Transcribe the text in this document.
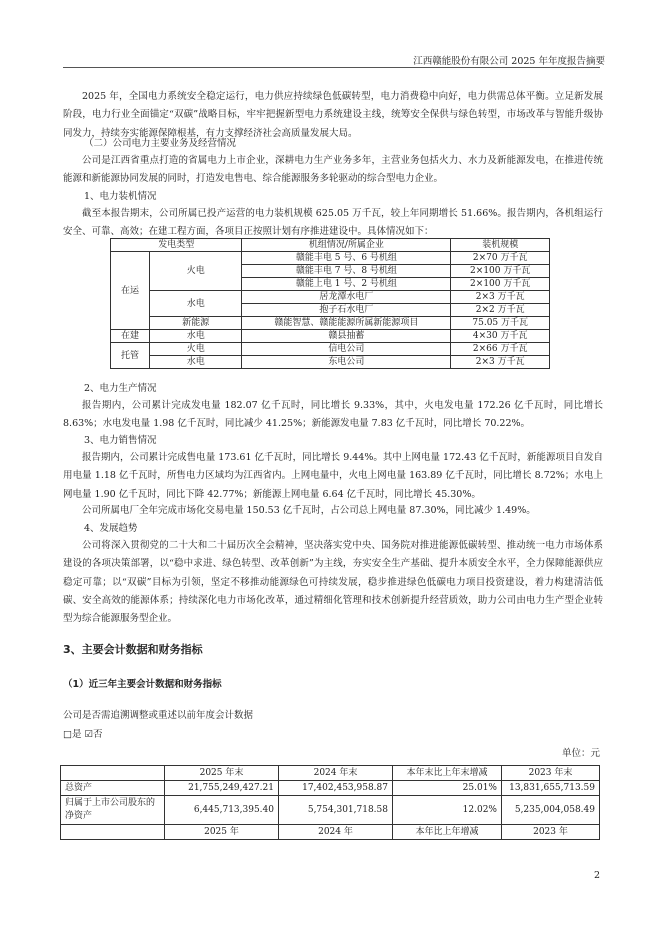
江西赣能股份有限公司 2025 年年度报告摘要
2025 年，全国电力系统安全稳定运行，电力供应持续绿色低碳转型，电力消费稳中向好，电力供需总体平衡。立足新发展阶段，电力行业全面锚定“双碳”战略目标，牢牢把握新型电力系统建设主线，统筹安全保供与绿色转型，市场改革与智能升级协同发力，持续夯实能源保障根基，有力支撑经济社会高质量发展大局。
（二）公司电力主要业务及经营情况
公司是江西省重点打造的省属电力上市企业，深耕电力生产业务多年，主营业务包括火力、水力及新能源发电，在推进传统能源和新能源协同发展的同时，打造发电售电、综合能源服务多轮驱动的综合型电力企业。
1、电力装机情况
截至本报告期末，公司所属已投产运营的电力装机规模 625.05 万千瓦，较上年同期增长 51.66%。报告期内，各机组运行安全、可靠、高效；在建工程方面，各项目正按照计划有序推进建设中。具体情况如下：
发电类型		机组情况/所属企业	装机规模
在运	火电	赣能丰电 5 号、6 号机组	2×70 万千瓦
		赣能丰电 7 号、8 号机组	2×100 万千瓦
		赣能上电 1 号、2 号机组	2×100 万千瓦
	水电	居龙潭水电厂	2×3 万千瓦
		抱子石水电厂	2×2 万千瓦
	新能源	赣能智慧、赣能能源所属新能源项目	75.05 万千瓦
在建	水电	赣县抽蓄	4×30 万千瓦
托管	火电	信电公司	2×66 万千瓦
	水电	东电公司	2×3 万千瓦
2、电力生产情况
报告期内，公司累计完成发电量 182.07 亿千瓦时，同比增长 9.33%，其中，火电发电量 172.26 亿千瓦时，同比增长 8.63%；水电发电量 1.98 亿千瓦时，同比减少 41.25%；新能源发电量 7.83 亿千瓦时，同比增长 70.22%。
3、电力销售情况
报告期内，公司累计完成售电量 173.61 亿千瓦时，同比增长 9.44%。其中上网电量 172.43 亿千瓦时，新能源项目自发自用电量 1.18 亿千瓦时，所售电力区域均为江西省内。上网电量中，火电上网电量 163.89 亿千瓦时，同比增长 8.72%；水电上网电量 1.90 亿千瓦时，同比下降 42.77%；新能源上网电量 6.64 亿千瓦时，同比增长 45.30%。
公司所属电厂全年完成市场化交易电量 150.53 亿千瓦时，占公司总上网电量 87.30%，同比减少 1.49%。
4、发展趋势
公司将深入贯彻党的二十大和二十届历次全会精神，坚决落实党中央、国务院对推进能源低碳转型、推动统一电力市场体系建设的各项决策部署，以“稳中求进、绿色转型、改革创新”为主线，夯实安全生产基础、提升本质安全水平，全力保障能源供应稳定可靠；以“双碳”目标为引领，坚定不移推动能源绿色可持续发展，稳步推进绿色低碳电力项目投资建设，着力构建清洁低碳、安全高效的能源体系；持续深化电力市场化改革，通过精细化管理和技术创新提升经营质效，助力公司由电力生产型企业转型为综合能源服务型企业。
3、主要会计数据和财务指标
（1）近三年主要会计数据和财务指标
公司是否需追溯调整或重述以前年度会计数据
□是 ☑否
单位：元
	2025 年末	2024 年末	本年末比上年末增减	2023 年末
总资产	21,755,249,427.21	17,402,453,958.87	25.01%	13,831,655,713.59
归属于上市公司股东的净资产	6,445,713,395.40	5,754,301,718.58	12.02%	5,235,004,058.49
	2025 年	2024 年	本年比上年增减	2023 年
2
